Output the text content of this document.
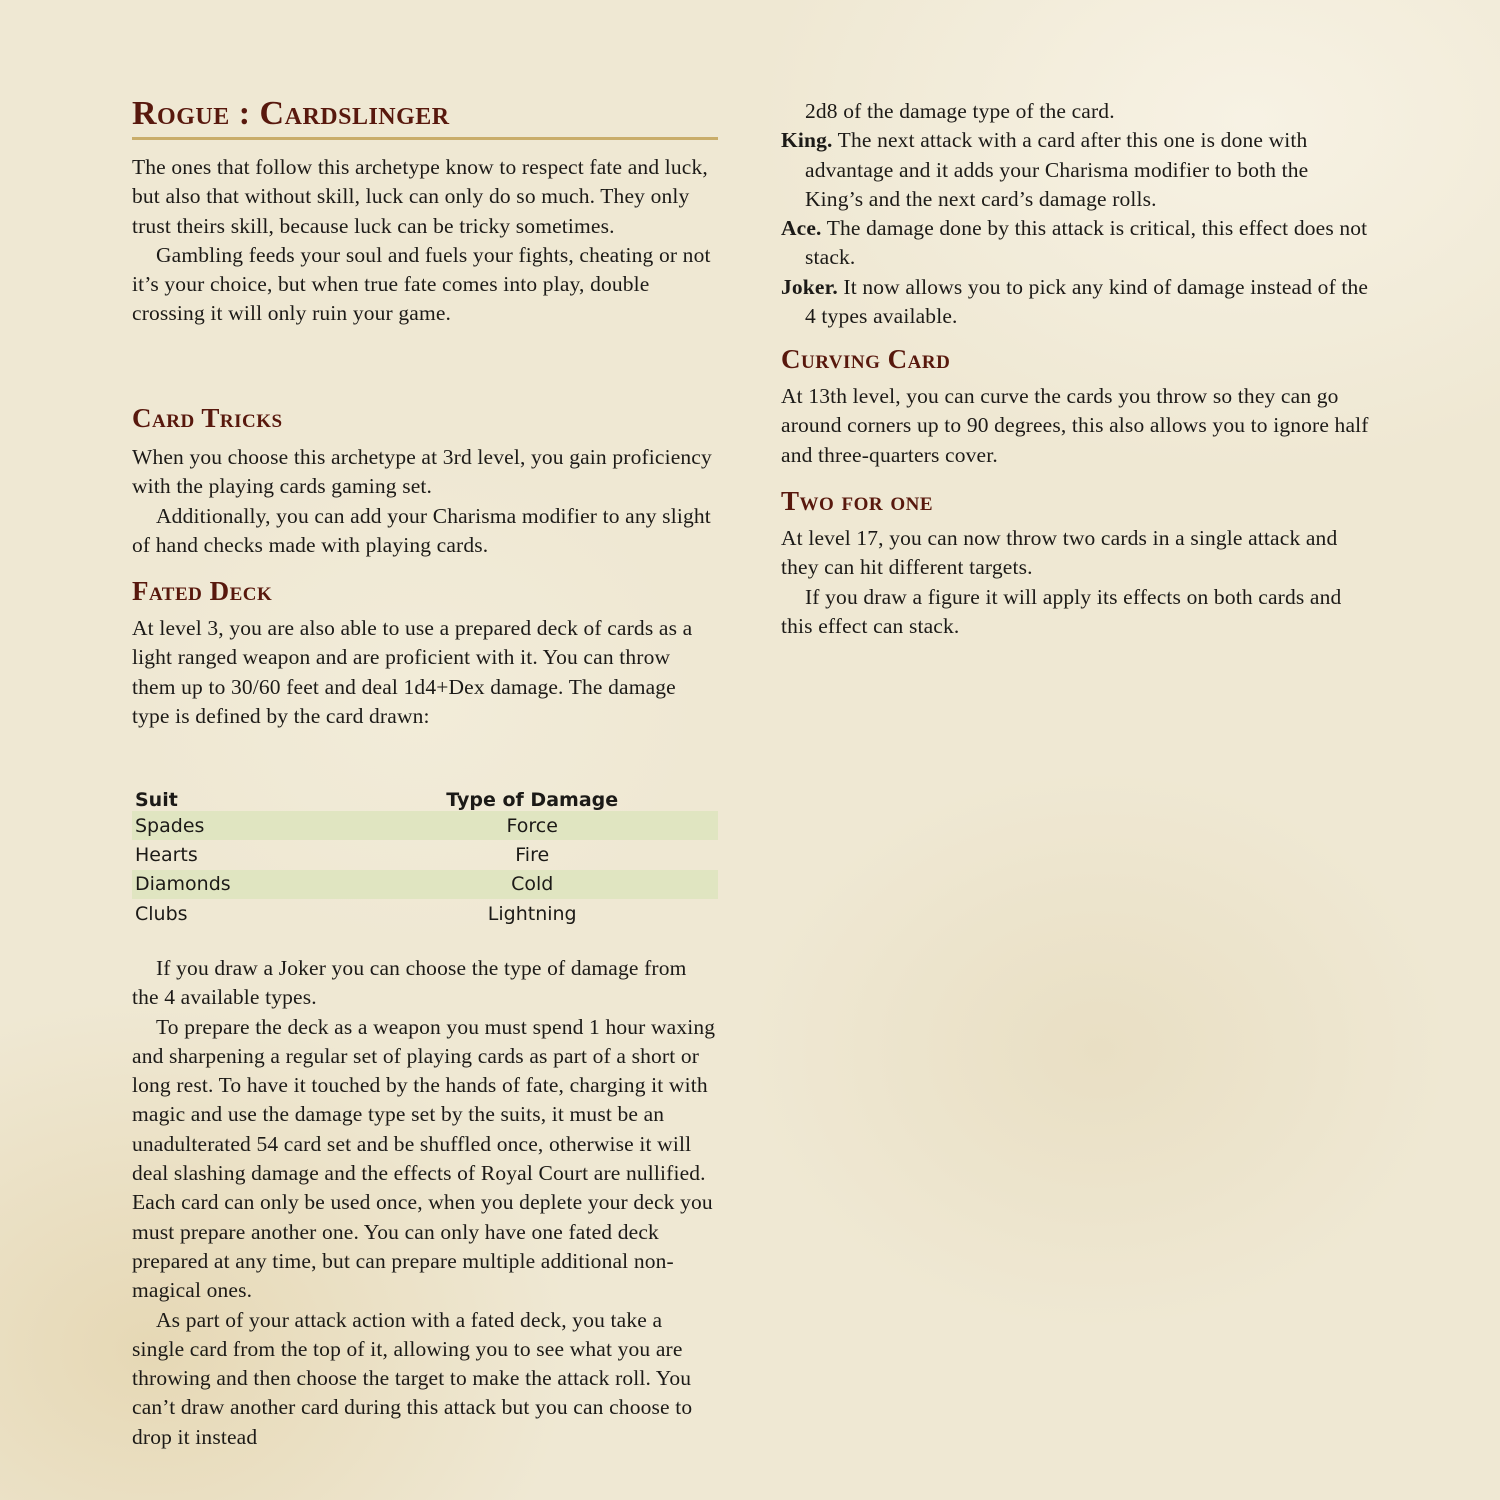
Rogue : Cardslinger

The ones that follow this archetype know to respect fate and luck, but also that without skill, luck can only do so much. They only trust theirs skill, because luck can be tricky sometimes.

Gambling feeds your soul and fuels your fights, cheating or not it’s your choice, but when true fate comes into play, double crossing it will only ruin your game.

Card Tricks

When you choose this archetype at 3rd level, you gain proficiency with the playing cards gaming set.

Additionally, you can add your Charisma modifier to any slight of hand checks made with playing cards.

Fated Deck

At level 3, you are also able to use a prepared deck of cards as a light ranged weapon and are proficient with it. You can throw them up to 30/60 feet and deal 1d4+Dex damage. The damage type is defined by the card drawn:

Suit	Type of Damage
Spades	Force
Hearts	Fire
Diamonds	Cold
Clubs	Lightning

If you draw a Joker you can choose the type of damage from the 4 available types.

To prepare the deck as a weapon you must spend 1 hour waxing and sharpening a regular set of playing cards as part of a short or long rest. To have it touched by the hands of fate, charging it with magic and use the damage type set by the suits, it must be an unadulterated 54 card set and be shuffled once, otherwise it will deal slashing damage and the effects of Royal Court are nullified. Each card can only be used once, when you deplete your deck you must prepare another one. You can only have one fated deck prepared at any time, but can prepare multiple additional non-magical ones.

As part of your attack action with a fated deck, you take a single card from the top of it, allowing you to see what you are throwing and then choose the target to make the attack roll. You can’t draw another card during this attack but you can choose to drop it instead

2d8 of the damage type of the card.

King. The next attack with a card after this one is done with advantage and it adds your Charisma modifier to both the King’s and the next card’s damage rolls.

Ace. The damage done by this attack is critical, this effect does not stack.

Joker. It now allows you to pick any kind of damage instead of the 4 types available.

Curving Card

At 13th level, you can curve the cards you throw so they can go around corners up to 90 degrees, this also allows you to ignore half and three-quarters cover.

Two for one

At level 17, you can now throw two cards in a single attack and they can hit different targets.

If you draw a figure it will apply its effects on both cards and this effect can stack.
